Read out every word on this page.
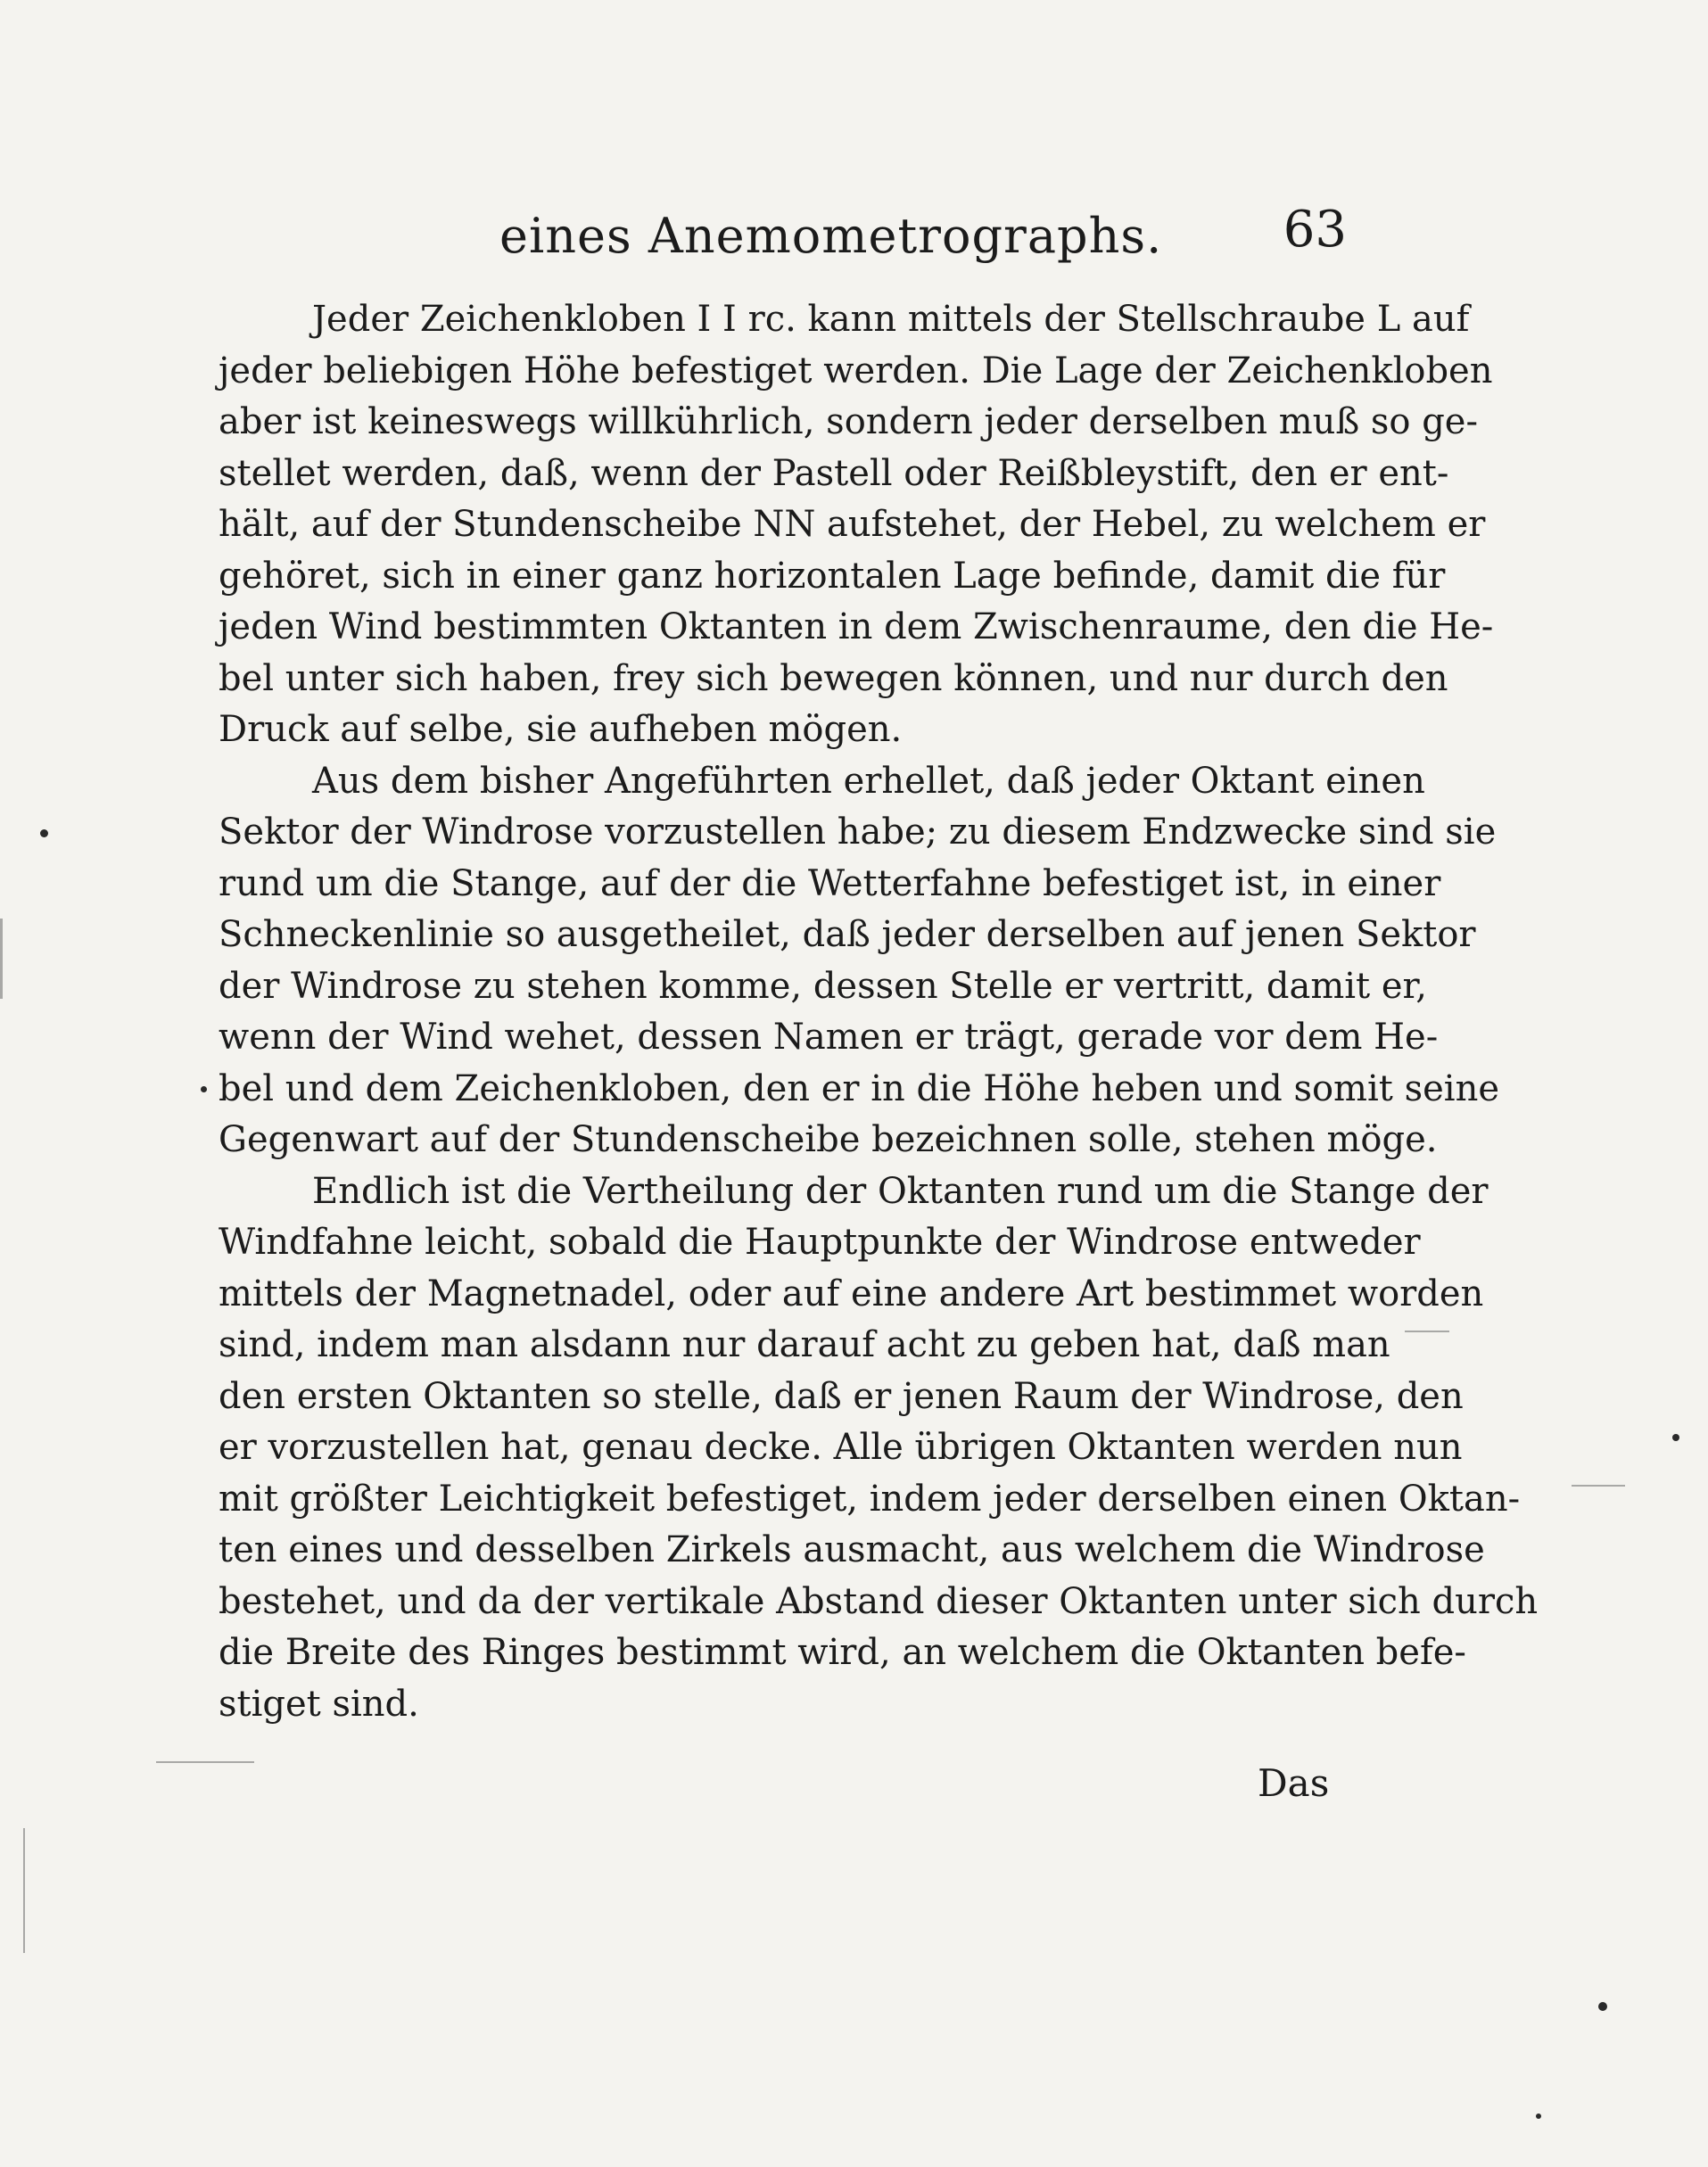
eines Anemometrographs. 63
Jeder Zeichenkloben I I rc. kann mittels der Stellschraube L auf
jeder beliebigen Höhe befestiget werden. Die Lage der Zeichenkloben
aber ist keineswegs willkührlich, sondern jeder derselben muß so ge-
stellet werden, daß, wenn der Pastell oder Reißbleystift, den er ent-
hält, auf der Stundenscheibe NN aufstehet, der Hebel, zu welchem er
gehöret, sich in einer ganz horizontalen Lage befinde, damit die für
jeden Wind bestimmten Oktanten in dem Zwischenraume, den die He-
bel unter sich haben, frey sich bewegen können, und nur durch den
Druck auf selbe, sie aufheben mögen.
Aus dem bisher Angeführten erhellet, daß jeder Oktant einen
Sektor der Windrose vorzustellen habe; zu diesem Endzwecke sind sie
rund um die Stange, auf der die Wetterfahne befestiget ist, in einer
Schneckenlinie so ausgetheilet, daß jeder derselben auf jenen Sektor
der Windrose zu stehen komme, dessen Stelle er vertritt, damit er,
wenn der Wind wehet, dessen Namen er trägt, gerade vor dem He-
bel und dem Zeichenkloben, den er in die Höhe heben und somit seine
Gegenwart auf der Stundenscheibe bezeichnen solle, stehen möge.
Endlich ist die Vertheilung der Oktanten rund um die Stange der
Windfahne leicht, sobald die Hauptpunkte der Windrose entweder
mittels der Magnetnadel, oder auf eine andere Art bestimmet worden
sind, indem man alsdann nur darauf acht zu geben hat, daß man
den ersten Oktanten so stelle, daß er jenen Raum der Windrose, den
er vorzustellen hat, genau decke. Alle übrigen Oktanten werden nun
mit größter Leichtigkeit befestiget, indem jeder derselben einen Oktan-
ten eines und desselben Zirkels ausmacht, aus welchem die Windrose
bestehet, und da der vertikale Abstand dieser Oktanten unter sich durch
die Breite des Ringes bestimmt wird, an welchem die Oktanten befe-
stiget sind.
Das
